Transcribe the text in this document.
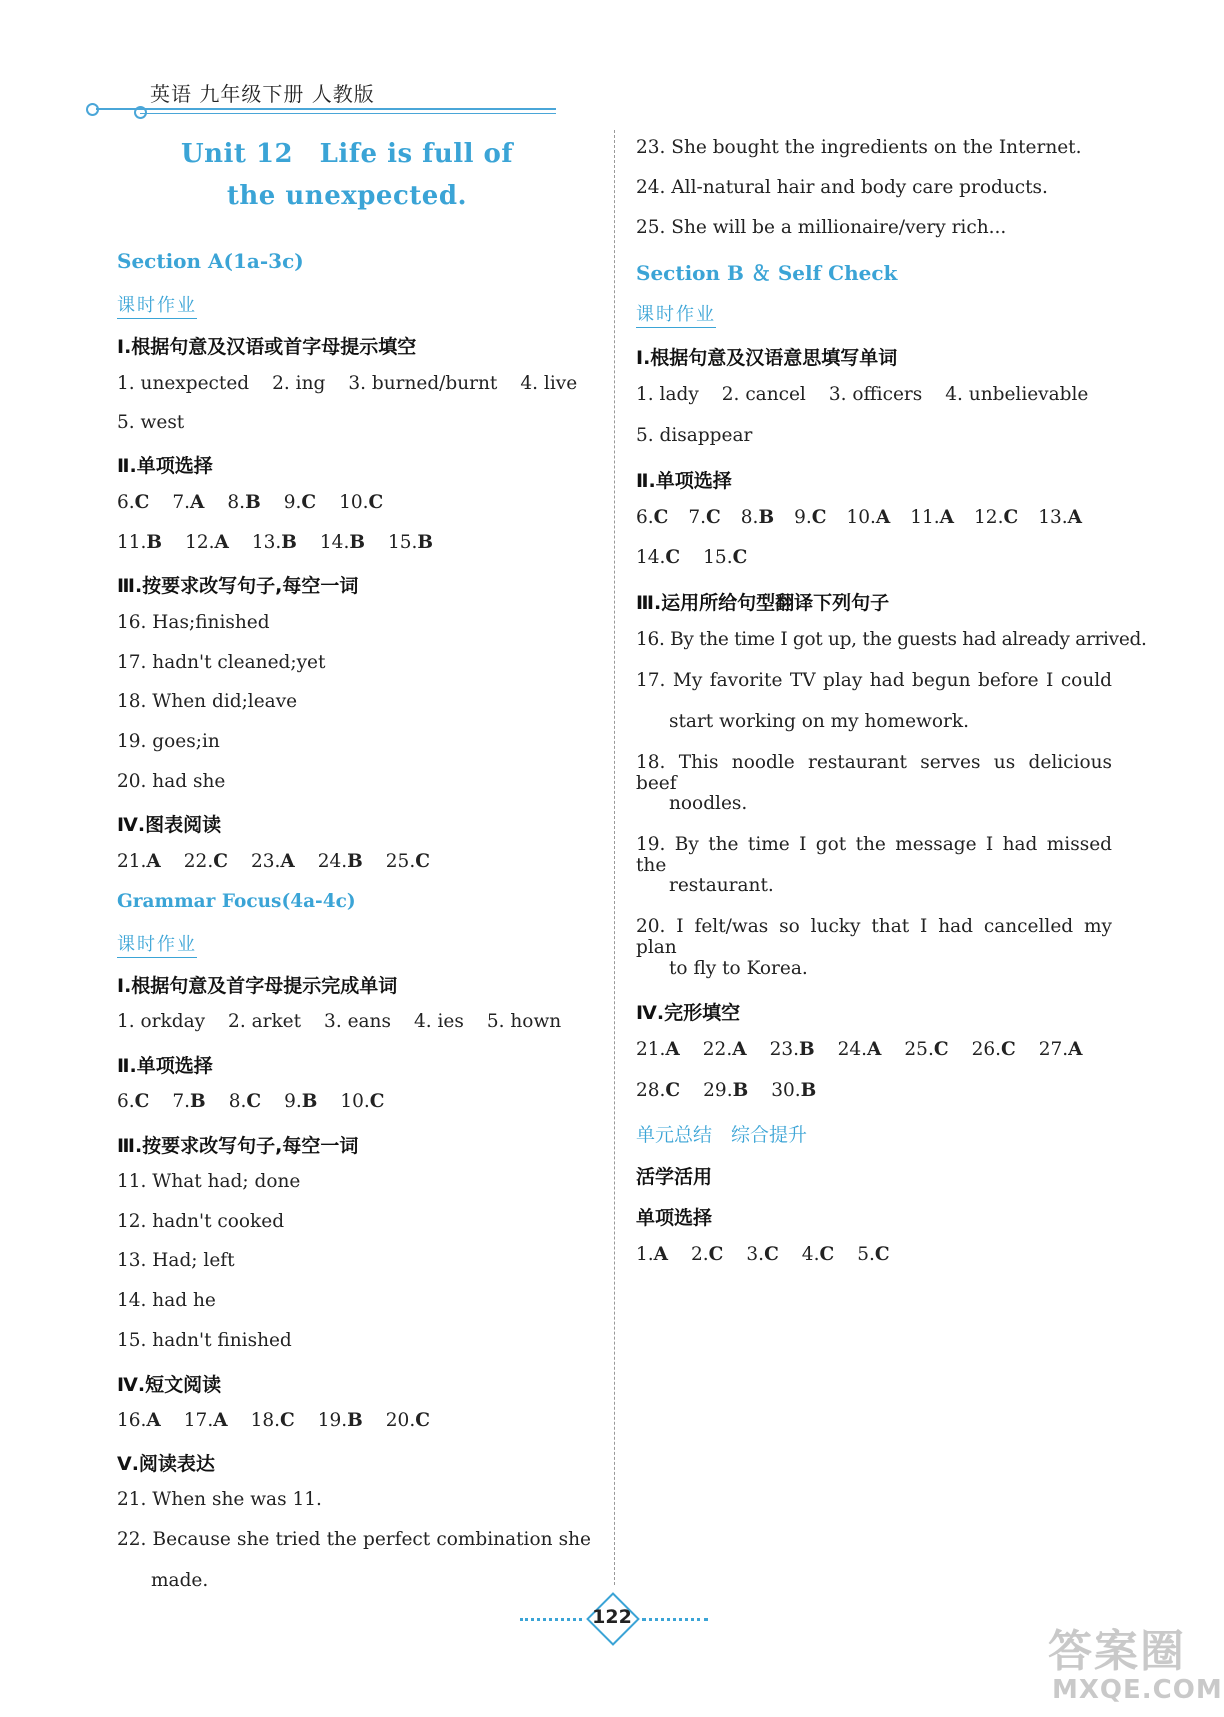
英语 九年级下册 人教版
Unit 12　Life is full of
the unexpected.
Section A(1a-3c)
课时作业
Ⅰ.根据句意及汉语或首字母提示填空
1. unexpected 2. ing 3. burned/burnt 4. live
5. west
Ⅱ.单项选择
6.C 7.A 8.B 9.C 10.C
11.B 12.A 13.B 14.B 15.B
Ⅲ.按要求改写句子,每空一词
16. Has;finished
17. hadn't cleaned;yet
18. When did;leave
19. goes;in
20. had she
Ⅳ.图表阅读
21.A 22.C 23.A 24.B 25.C
Grammar Focus(4a-4c)
课时作业
Ⅰ.根据句意及首字母提示完成单词
1. orkday 2. arket 3. eans 4. ies 5. hown
Ⅱ.单项选择
6.C 7.B 8.C 9.B 10.C
Ⅲ.按要求改写句子,每空一词
11. What had; done
12. hadn't cooked
13. Had; left
14. had he
15. hadn't finished
Ⅳ.短文阅读
16.A 17.A 18.C 19.B 20.C
Ⅴ.阅读表达
21. When she was 11.
22. Because she tried the perfect combination she
made.
23. She bought the ingredients on the Internet.
24. All-natural hair and body care products.
25. She will be a millionaire/very rich...
Section B ＆ Self Check
课时作业
Ⅰ.根据句意及汉语意思填写单词
1. lady 2. cancel 3. officers 4. unbelievable
5. disappear
Ⅱ.单项选择
6.C 7.C 8.B 9.C 10.A 11.A 12.C 13.A
14.C 15.C
Ⅲ.运用所给句型翻译下列句子
16. By the time I got up, the guests had already arrived.
17. My favorite TV play had begun before I could
start working on my homework.
18. This noodle restaurant serves us delicious beef
noodles.
19. By the time I got the message I had missed the
restaurant.
20. I felt/was so lucky that I had cancelled my plan
to fly to Korea.
Ⅳ.完形填空
21.A 22.A 23.B 24.A 25.C 26.C 27.A
28.C 29.B 30.B
单元总结　综合提升
活学活用
单项选择
1.A 2.C 3.C 4.C 5.C
122
答案圈
MXQE.COM
